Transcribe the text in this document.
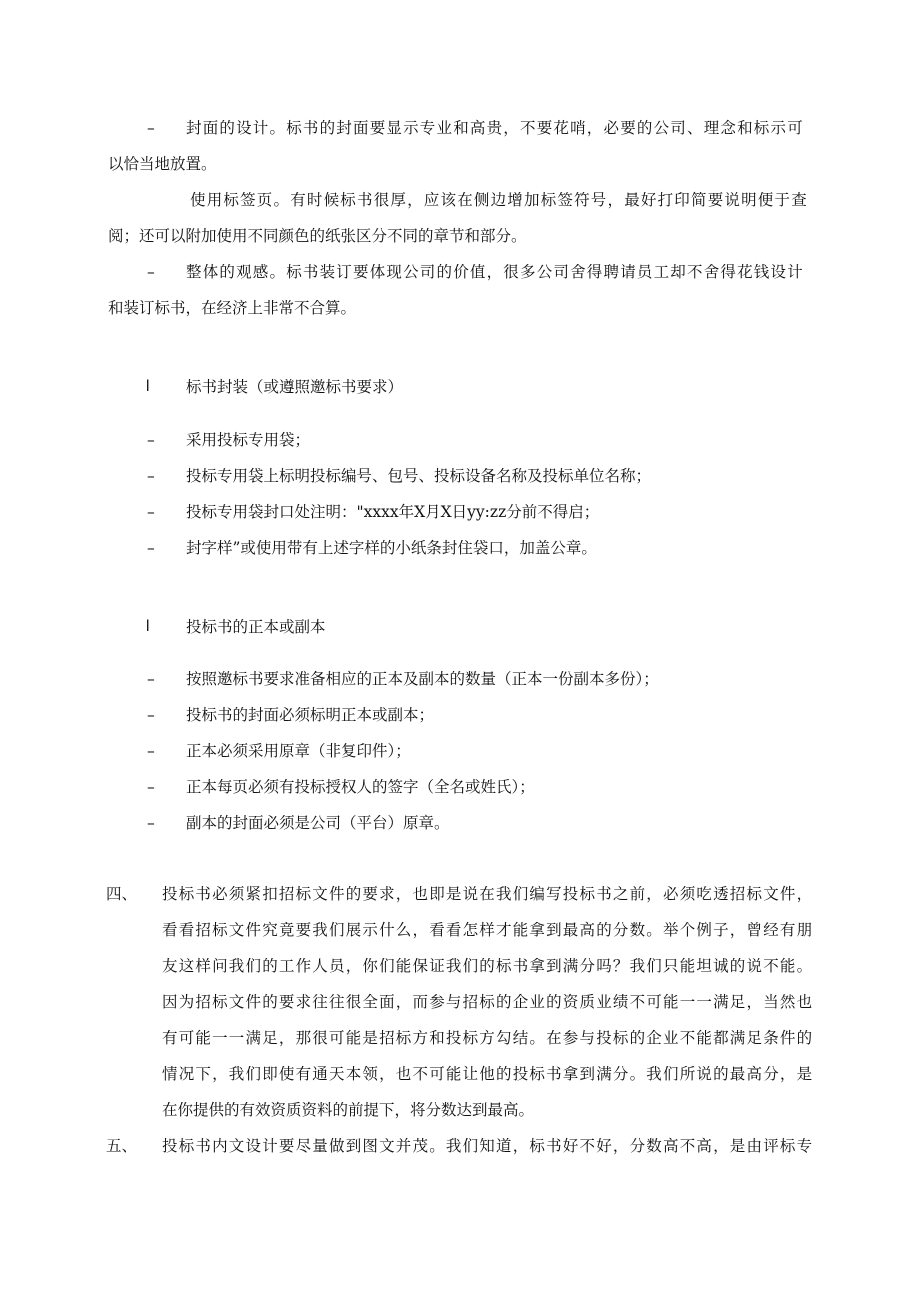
– 封面的设计。标书的封面要显示专业和高贵，不要花哨，必要的公司、理念和标示可
以恰当地放置。
使用标签页。有时候标书很厚，应该在侧边增加标签符号，最好打印简要说明便于查
阅；还可以附加使用不同颜色的纸张区分不同的章节和部分。
– 整体的观感。标书装订要体现公司的价值，很多公司舍得聘请员工却不舍得花钱设计
和装订标书，在经济上非常不合算。
l 标书封装（或遵照邀标书要求）
– 采用投标专用袋；
– 投标专用袋上标明投标编号、包号、投标设备名称及投标单位名称；
– 投标专用袋封口处注明："xxxx年X月X日yy:zz分前不得启；
– 封字样”或使用带有上述字样的小纸条封住袋口，加盖公章。
l 投标书的正本或副本
– 按照邀标书要求准备相应的正本及副本的数量（正本一份副本多份）；
– 投标书的封面必须标明正本或副本；
– 正本必须采用原章（非复印件）；
– 正本每页必须有投标授权人的签字（全名或姓氏）；
– 副本的封面必须是公司（平台）原章。
四、 投标书必须紧扣招标文件的要求，也即是说在我们编写投标书之前，必须吃透招标文件，
看看招标文件究竟要我们展示什么，看看怎样才能拿到最高的分数。举个例子，曾经有朋
友这样问我们的工作人员，你们能保证我们的标书拿到满分吗？我们只能坦诚的说不能。
因为招标文件的要求往往很全面，而参与招标的企业的资质业绩不可能一一满足，当然也
有可能一一满足，那很可能是招标方和投标方勾结。在参与投标的企业不能都满足条件的
情况下，我们即使有通天本领，也不可能让他的投标书拿到满分。我们所说的最高分，是
在你提供的有效资质资料的前提下，将分数达到最高。
五、 投标书内文设计要尽量做到图文并茂。我们知道，标书好不好，分数高不高，是由评标专
